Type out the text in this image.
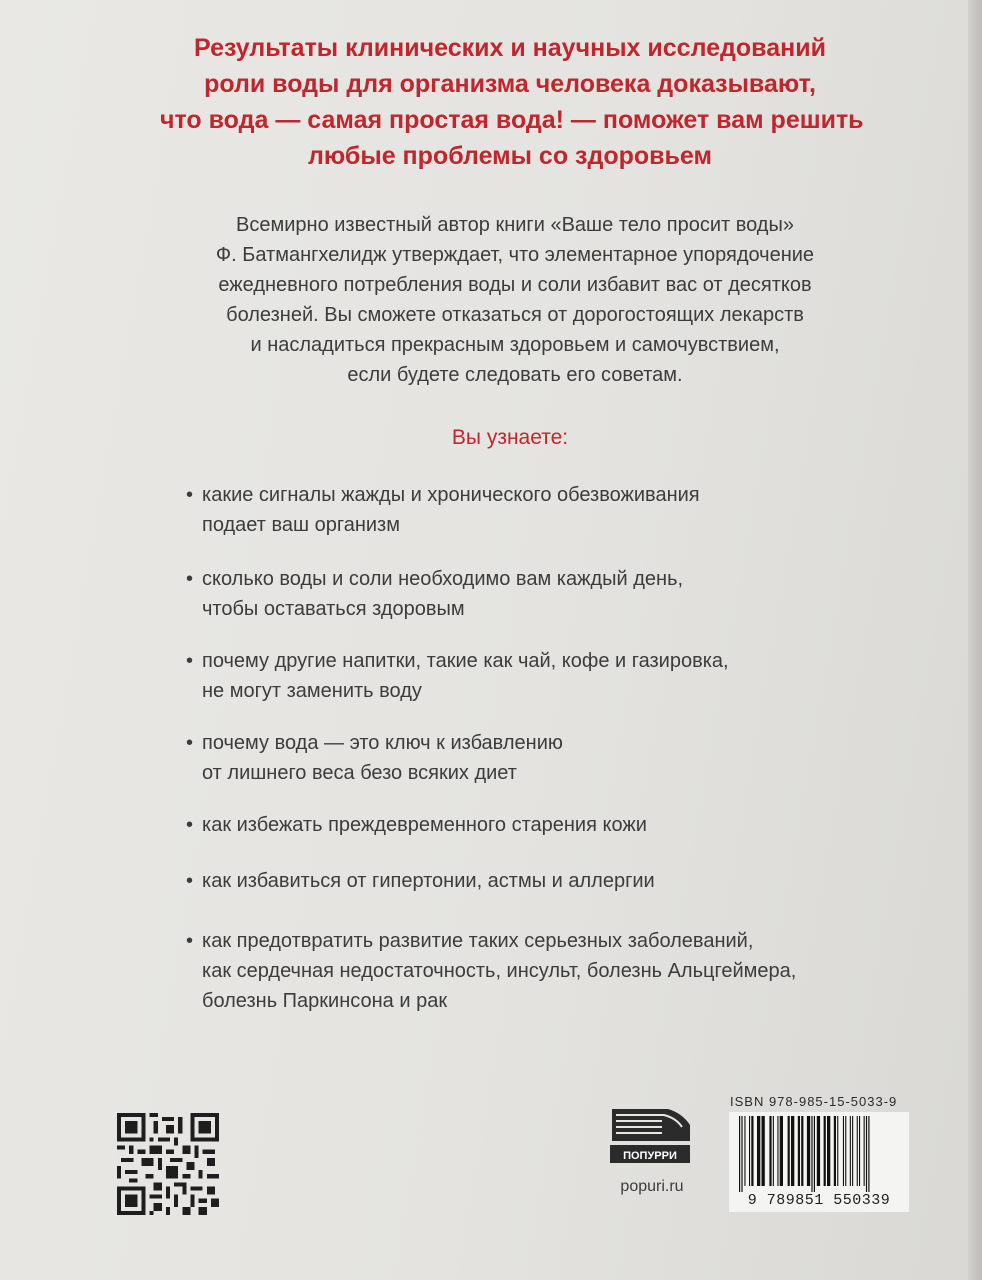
Результаты клинических и научных исследований
роли воды для организма человека доказывают,
что вода — самая простая вода! — поможет вам решить
любые проблемы со здоровьем
Всемирно известный автор книги «Ваше тело просит воды»
Ф. Батмангхелидж утверждает, что элементарное упорядочение
ежедневного потребления воды и соли избавит вас от десятков
болезней. Вы сможете отказаться от дорогостоящих лекарств
и насладиться прекрасным здоровьем и самочувствием,
если будете следовать его советам.
Вы узнаете:
• какие сигналы жажды и хронического обезвоживания
подает ваш организм
• сколько воды и соли необходимо вам каждый день,
чтобы оставаться здоровым
• почему другие напитки, такие как чай, кофе и газировка,
не могут заменить воду
• почему вода — это ключ к избавлению
от лишнего веса безо всяких диет
• как избежать преждевременного старения кожи
• как избавиться от гипертонии, астмы и аллергии
• как предотвратить развитие таких серьезных заболеваний,
как сердечная недостаточность, инсульт, болезнь Альцгеймера,
болезнь Паркинсона и рак
ПОПУРРИ
popuri.ru
ISBN 978-985-15-5033-9
9 789851 550339
